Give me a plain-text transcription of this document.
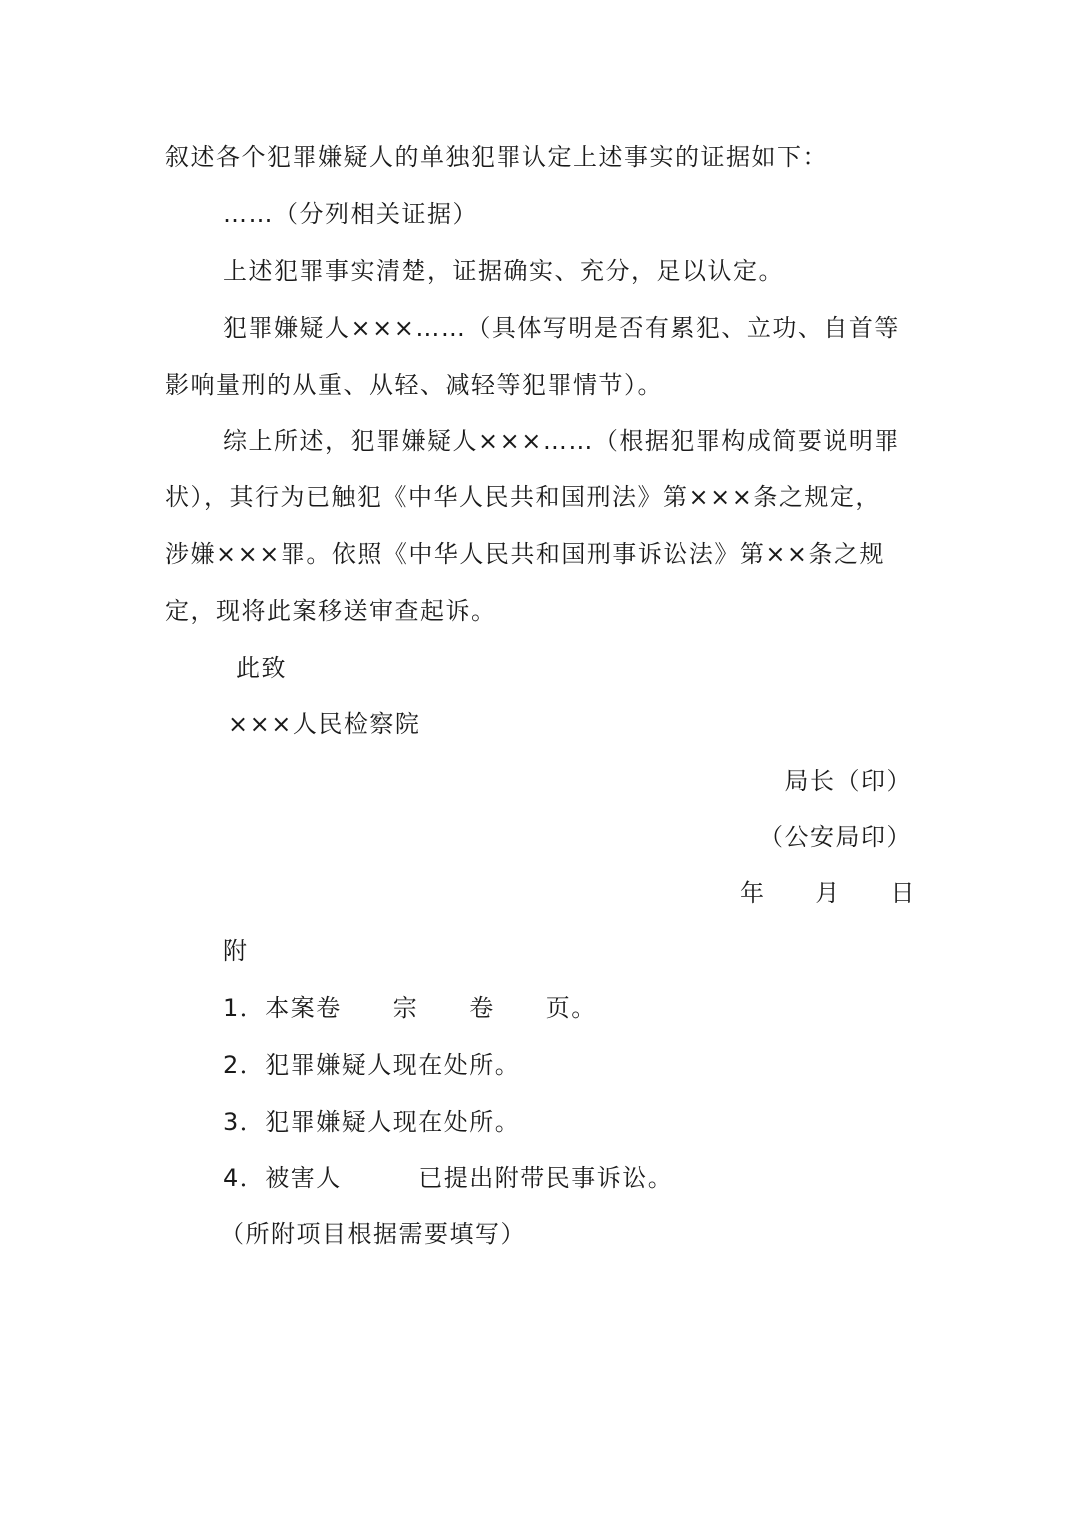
叙述各个犯罪嫌疑人的单独犯罪认定上述事实的证据如下：

……（分列相关证据）

上述犯罪事实清楚，证据确实、充分，足以认定。

犯罪嫌疑人×××……（具体写明是否有累犯、立功、自首等

影响量刑的从重、从轻、减轻等犯罪情节）。

综上所述，犯罪嫌疑人×××……（根据犯罪构成简要说明罪

状），其行为已触犯《中华人民共和国刑法》第×××条之规定，

涉嫌×××罪。依照《中华人民共和国刑事诉讼法》第××条之规

定，现将此案移送审查起诉。

此致

×××人民检察院

局长（印）

（公安局印）

年 月 日

附

1．本案卷　　宗　　卷　　页。

2．犯罪嫌疑人现在处所。

3．犯罪嫌疑人现在处所。

4．被害人　　　已提出附带民事诉讼。

（所附项目根据需要填写）
